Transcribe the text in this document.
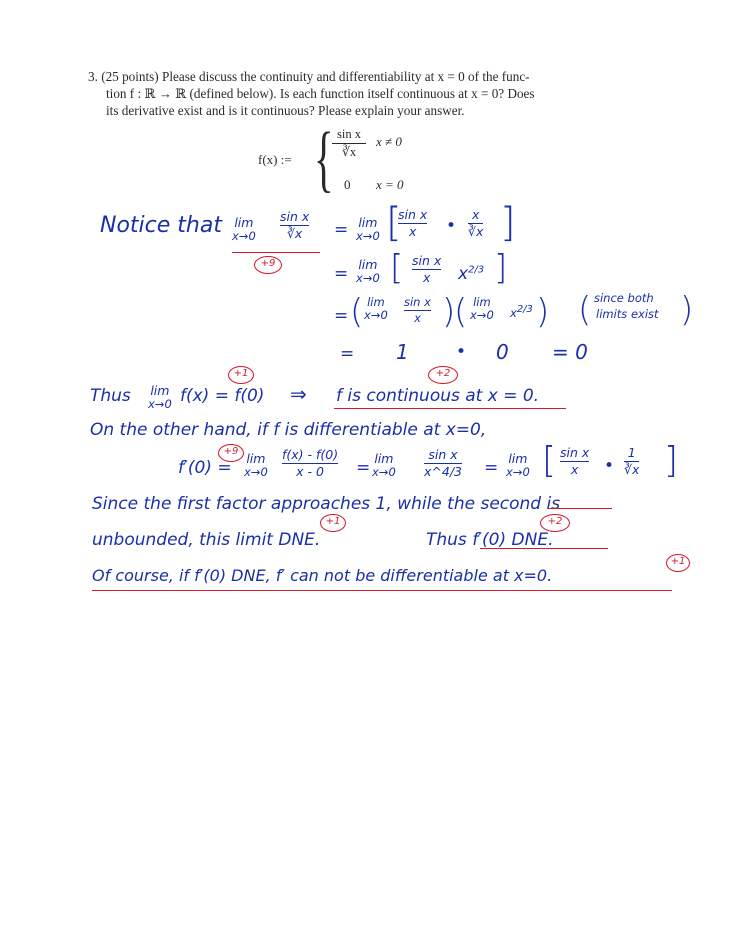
3. (25 points) Please discuss the continuity and differentiability at x = 0 of the func-

tion f : ℝ → ℝ (defined below). Is each function itself continuous at x = 0? Does

its derivative exist and is it continuous? Please explain your answer.

f(x) := { sin x
∛x
x ≠ 0
0 x = 0
Notice that lim
x→0
sin x
∛x	= lim
x→0 [
sin x
x	•
x
∛x ]
+9
= lim
x→0 [ sin x
x	$x^{2/3}$ ]
= ( lim
x→0
sin x
x )
( lim
x→0 $x^{2/3}$ ) ( since both
limits exist )
= 1	• 0 = 0
Thus lim
x→0 f(x) = f(0)
+1
⇒ f is continuous at x = 0.
+2
On the other hand, if f is differentiable at x=0,
f′(0) =
+9 lim
x→0
f(x) - f(0)
x - 0	= lim
x→0
sin x
x^4/3 = lim
x→0 [ sin x
x	•
1
∛x ]
Since the first factor approaches 1, while the second is
unbounded, this limit DNE.
+1
Thus f′(0) DNE.
+2
Of course, if f′(0) DNE, f′ can not be differentiable at x=0.
+1
